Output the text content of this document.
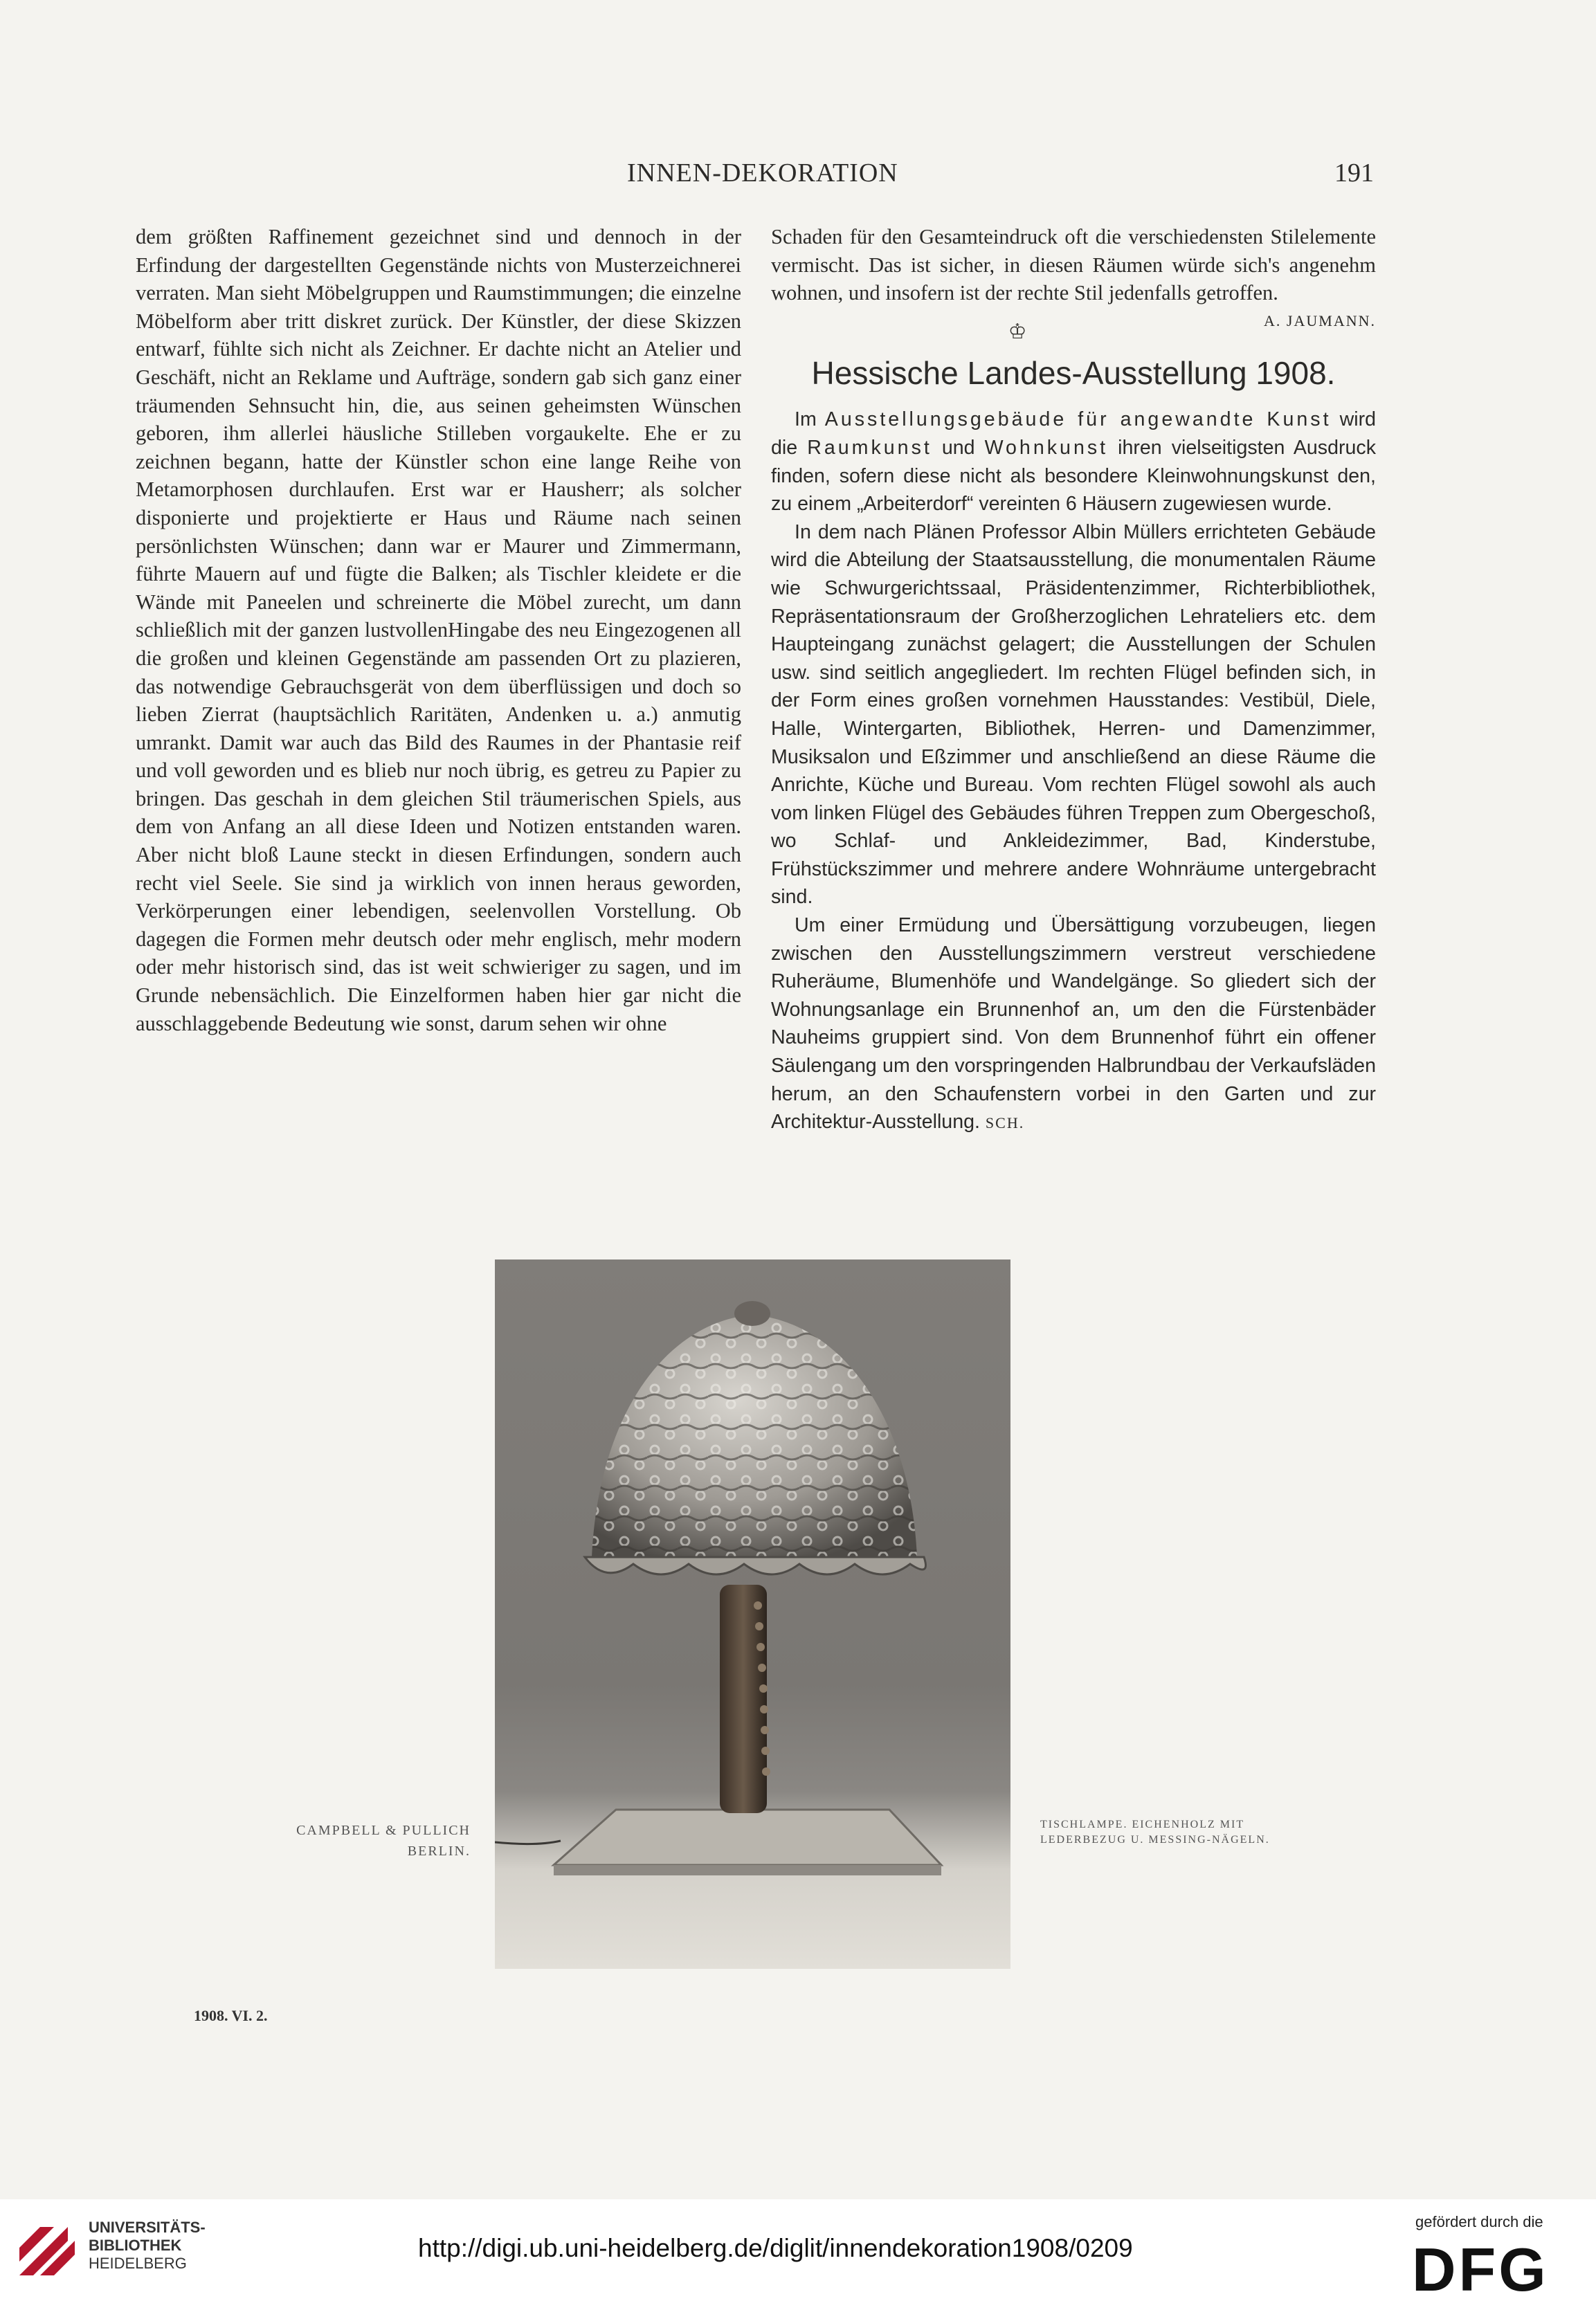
INNEN-DEKORATION	191

dem größten Raffinement gezeichnet sind und dennoch in der Erfindung der dargestellten Gegenstände nichts von Musterzeichnerei verraten. Man sieht Möbelgruppen und Raumstimmungen; die einzelne Möbelform aber tritt diskret zurück. Der Künstler, der diese Skizzen entwarf, fühlte sich nicht als Zeichner. Er dachte nicht an Atelier und Geschäft, nicht an Reklame und Aufträge, sondern gab sich ganz einer träumenden Sehnsucht hin, die, aus seinen geheimsten Wünschen geboren, ihm allerlei häusliche Stilleben vorgaukelte. Ehe er zu zeichnen begann, hatte der Künstler schon eine lange Reihe von Metamorphosen durchlaufen. Erst war er Hausherr; als solcher disponierte und projektierte er Haus und Räume nach seinen persönlichsten Wünschen; dann war er Maurer und Zimmermann, führte Mauern auf und fügte die Balken; als Tischler kleidete er die Wände mit Paneelen und schreinerte die Möbel zurecht, um dann schließlich mit der ganzen lustvollenHingabe des neu Eingezogenen all die großen und kleinen Gegenstände am passenden Ort zu plazieren, das notwendige Gebrauchsgerät von dem überflüssigen und doch so lieben Zierrat (hauptsächlich Raritäten, Andenken u. a.) anmutig umrankt. Damit war auch das Bild des Raumes in der Phantasie reif und voll geworden und es blieb nur noch übrig, es getreu zu Papier zu bringen. Das geschah in dem gleichen Stil träumerischen Spiels, aus dem von Anfang an all diese Ideen und Notizen entstanden waren. Aber nicht bloß Laune steckt in diesen Erfindungen, sondern auch recht viel Seele. Sie sind ja wirklich von innen heraus geworden, Verkörperungen einer lebendigen, seelenvollen Vorstellung. Ob dagegen die Formen mehr deutsch oder mehr englisch, mehr modern oder mehr historisch sind, das ist weit schwieriger zu sagen, und im Grunde nebensächlich. Die Einzelformen haben hier gar nicht die ausschlaggebende Bedeutung wie sonst, darum sehen wir ohne

Schaden für den Gesamteindruck oft die verschiedensten Stilelemente vermischt. Das ist sicher, in diesen Räumen würde sich's angenehm wohnen, und insofern ist der rechte Stil jedenfalls getroffen.
A. JAUMANN.

♔
Hessische Landes-Ausstellung 1908.

Im Ausstellungsgebäude für angewandte Kunst wird die Raumkunst und Wohnkunst ihren vielseitigsten Ausdruck finden, sofern diese nicht als besondere Kleinwohnungskunst den, zu einem „Arbeiterdorf“ vereinten 6 Häusern zugewiesen wurde.

In dem nach Plänen Professor Albin Müllers errichteten Gebäude wird die Abteilung der Staatsausstellung, die monumentalen Räume wie Schwurgerichtssaal, Präsidentenzimmer, Richterbibliothek, Repräsentationsraum der Großherzoglichen Lehrateliers etc. dem Haupteingang zunächst gelagert; die Ausstellungen der Schulen usw. sind seitlich angegliedert. Im rechten Flügel befinden sich, in der Form eines großen vornehmen Hausstandes: Vestibül, Diele, Halle, Wintergarten, Bibliothek, Herren- und Damenzimmer, Musiksalon und Eßzimmer und anschließend an diese Räume die Anrichte, Küche und Bureau. Vom rechten Flügel sowohl als auch vom linken Flügel des Gebäudes führen Treppen zum Obergeschoß, wo Schlaf- und Ankleidezimmer, Bad, Kinderstube, Frühstückszimmer und mehrere andere Wohnräume untergebracht sind.

Um einer Ermüdung und Übersättigung vorzubeugen, liegen zwischen den Ausstellungszimmern verstreut verschiedene Ruheräume, Blumenhöfe und Wandelgänge. So gliedert sich der Wohnungsanlage ein Brunnenhof an, um den die Fürstenbäder Nauheims gruppiert sind. Von dem Brunnenhof führt ein offener Säulengang um den vorspringenden Halbrundbau der Verkaufsläden herum, an den Schaufenstern vorbei in den Garten und zur Architektur-Ausstellung. SCH.

CAMPBELL & PULLICH
BERLIN.
TISCHLAMPE. EICHENHOLZ MIT
LEDERBEZUG U. MESSING-NÄGELN.
1908. VI. 2.
UNIVERSITÄTS-
BIBLIOTHEK
HEIDELBERG
http://digi.ub.uni-heidelberg.de/diglit/innendekoration1908/0209
gefördert durch die
DFG
